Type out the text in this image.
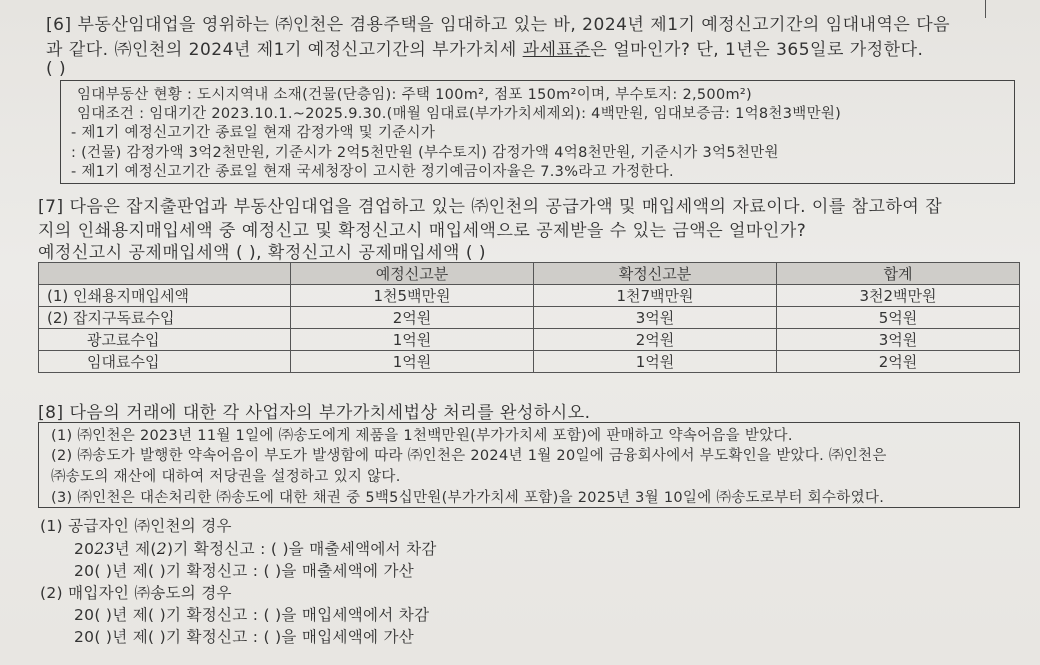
[6] 부동산임대업을 영위하는 ㈜인천은 겸용주택을 임대하고 있는 바, 2024년 제1기 예정신고기간의 임대내역은 다음
과 같다. ㈜인천의 2024년 제1기 예정신고기간의 부가가치세 과세표준은 얼마인가? 단, 1년은 365일로 가정한다.
( )
임대부동산 현황 : 도시지역내 소재(건물(단층임): 주택 100m², 점포 150m²이며, 부수토지: 2,500m²)
임대조건 : 임대기간 2023.10.1.~2025.9.30.(매월 임대료(부가가치세제외): 4백만원, 임대보증금: 1억8천3백만원)
- 제1기 예정신고기간 종료일 현재 감정가액 및 기준시가
: (건물) 감정가액 3억2천만원, 기준시가 2억5천만원 (부수토지) 감정가액 4억8천만원, 기준시가 3억5천만원
- 제1기 예정신고기간 종료일 현재 국세청장이 고시한 정기예금이자율은 7.3%라고 가정한다.
[7] 다음은 잡지출판업과 부동산임대업을 겸업하고 있는 ㈜인천의 공급가액 및 매입세액의 자료이다. 이를 참고하여 잡
지의 인쇄용지매입세액 중 예정신고 및 확정신고시 매입세액으로 공제받을 수 있는 금액은 얼마인가?
예정신고시 공제매입세액 ( ), 확정신고시 공제매입세액 ( )
	예정신고분	확정신고분	합계
(1) 인쇄용지매입세액	1천5백만원	1천7백만원	3천2백만원
(2) 잡지구독료수입	2억원	3억원	5억원
광고료수입	1억원	2억원	3억원
임대료수입	1억원	1억원	2억원
[8] 다음의 거래에 대한 각 사업자의 부가가치세법상 처리를 완성하시오.
(1) ㈜인천은 2023년 11월 1일에 ㈜송도에게 제품을 1천백만원(부가가치세 포함)에 판매하고 약속어음을 받았다.
(2) ㈜송도가 발행한 약속어음이 부도가 발생함에 따라 ㈜인천은 2024년 1월 20일에 금융회사에서 부도확인을 받았다. ㈜인천은
㈜송도의 재산에 대하여 저당권을 설정하고 있지 않다.
(3) ㈜인천은 대손처리한 ㈜송도에 대한 채권 중 5백5십만원(부가가치세 포함)을 2025년 3월 10일에 ㈜송도로부터 회수하였다.
(1) 공급자인 ㈜인천의 경우
2023년 제(2)기 확정신고 : ( )을 매출세액에서 차감
20( )년 제( )기 확정신고 : ( )을 매출세액에 가산
(2) 매입자인 ㈜송도의 경우
20( )년 제( )기 확정신고 : ( )을 매입세액에서 차감
20( )년 제( )기 확정신고 : ( )을 매입세액에 가산
